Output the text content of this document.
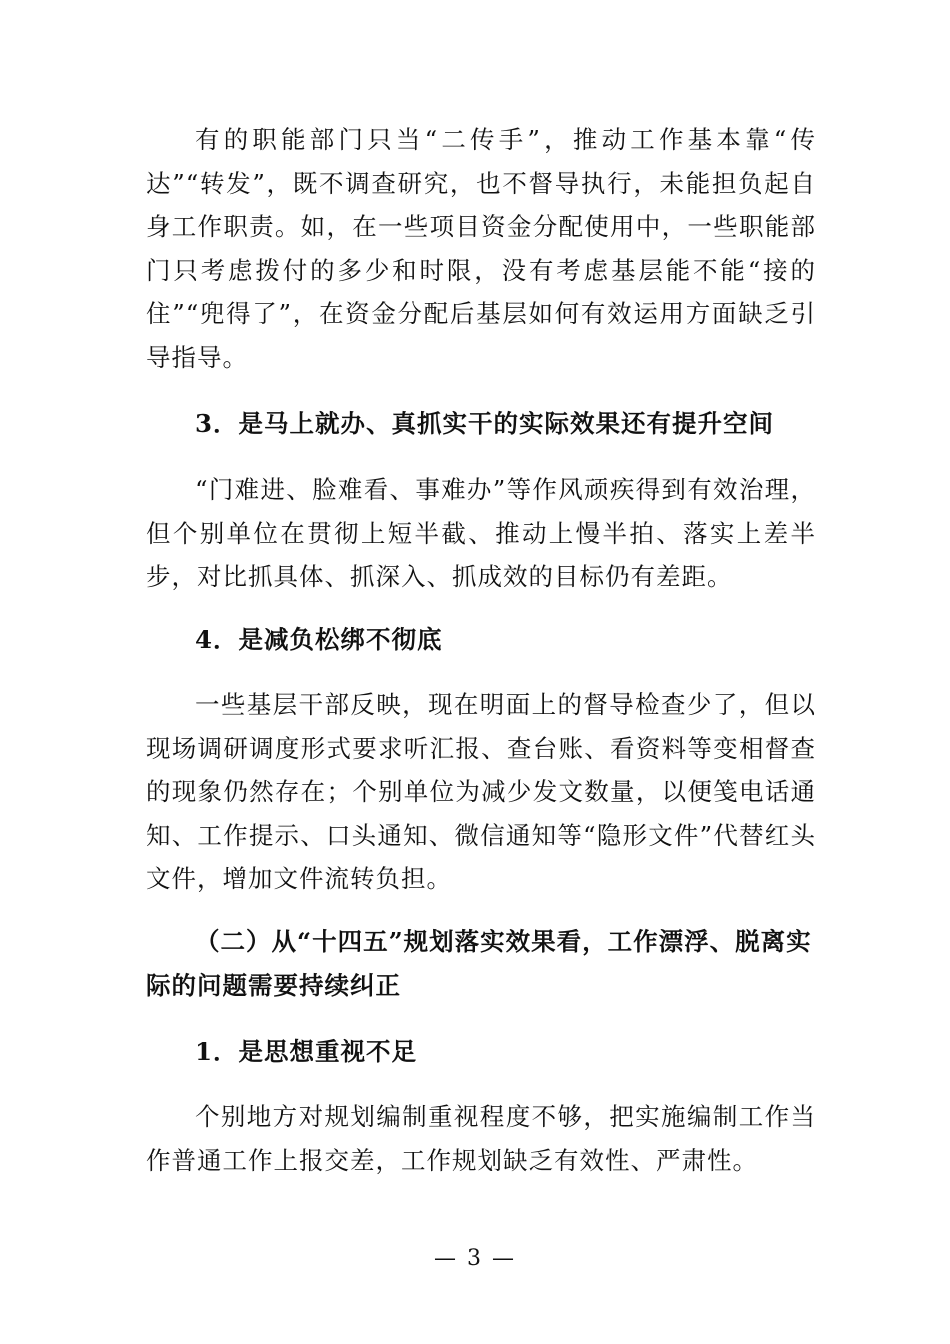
有的职能部门只当“二传手”，推动工作基本靠“传达”“转发”，既不调查研究，也不督导执行，未能担负起自身工作职责。如，在一些项目资金分配使用中，一些职能部门只考虑拨付的多少和时限，没有考虑基层能不能“接的住”“兜得了”，在资金分配后基层如何有效运用方面缺乏引导指导。

3．是马上就办、真抓实干的实际效果还有提升空间

“门难进、脸难看、事难办”等作风顽疾得到有效治理，但个别单位在贯彻上短半截、推动上慢半拍、落实上差半步，对比抓具体、抓深入、抓成效的目标仍有差距。

4．是减负松绑不彻底

一些基层干部反映，现在明面上的督导检查少了，但以现场调研调度形式要求听汇报、查台账、看资料等变相督查的现象仍然存在；个别单位为减少发文数量，以便笺电话通知、工作提示、口头通知、微信通知等“隐形文件”代替红头文件，增加文件流转负担。

（二）从“十四五”规划落实效果看，工作漂浮、脱离实际的问题需要持续纠正

1．是思想重视不足

个别地方对规划编制重视程度不够，把实施编制工作当作普通工作上报交差，工作规划缺乏有效性、严肃性。

— 3 —
